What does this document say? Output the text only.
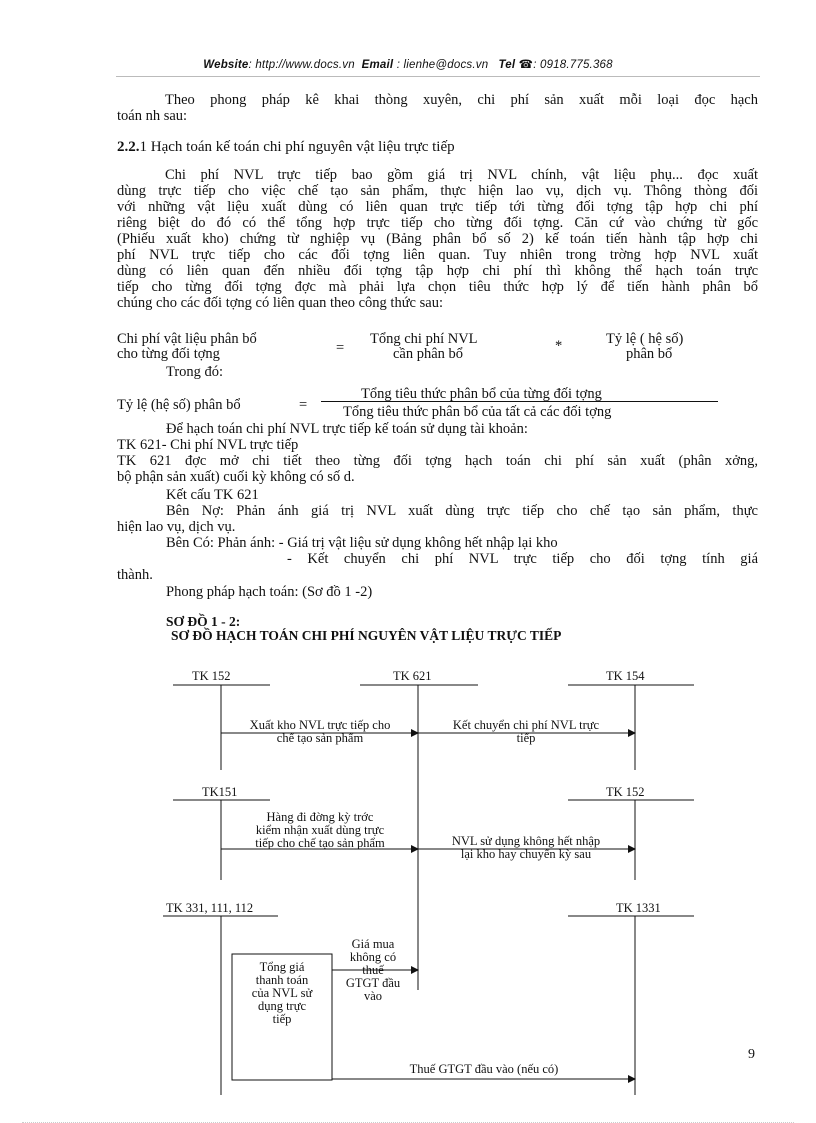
Website: http://www.docs.vn Email : lienhe@docs.vn Tel ☎: 0918.775.368
Theo phong pháp kê khai thòng xuyên, chi phí sản xuất mỗi loại đọc hạch
toán nh sau:
2.2.1 Hạch toán kế toán chi phí nguyên vật liệu trực tiếp
Chi phí NVL trực tiếp bao gồm giá trị NVL chính, vật liệu phụ... đọc xuất
dùng trực tiếp cho việc chế tạo sản phẩm, thực hiện lao vụ, dịch vụ. Thông thòng đối
với những vật liệu xuất dùng có liên quan trực tiếp tới từng đối tợng tập hợp chi phí
riêng biệt do đó có thể tổng hợp trực tiếp cho từng đối tợng. Căn cứ vào chứng từ gốc
(Phiếu xuất kho) chứng từ nghiệp vụ (Bảng phân bổ số 2) kế toán tiến hành tập hợp chi
phí NVL trực tiếp cho các đối tợng liên quan. Tuy nhiên trong trờng hợp NVL xuất
dùng có liên quan đến nhiều đối tợng tập hợp chi phí thì không thể hạch toán trực
tiếp cho từng đối tợng đợc mà phải lựa chọn tiêu thức hợp lý để tiến hành phân bổ
chúng cho các đối tợng có liên quan theo công thức sau:
Chi phí vật liệu phân bổ
cho từng đối tợng	=
Tổng chi phí NVL
cần phân bổ	*	Tỷ lệ ( hệ số)
phân bổ
Trong đó:
Tỷ lệ (hệ số) phân bổ	=
Tổng tiêu thức phân bổ của từng đối tợng
Tổng tiêu thức phân bổ của tất cả các đối tợng
Để hạch toán chi phí NVL trực tiếp kế toán sử dụng tài khoản:
TK 621- Chi phí NVL trực tiếp
TK 621 đợc mở chi tiết theo từng đối tợng hạch toán chi phí sản xuất (phân xởng,
bộ phận sản xuất) cuối kỳ không có số d.
Kết cấu TK 621
Bên Nợ: Phản ánh giá trị NVL xuất dùng trực tiếp cho chế tạo sản phẩm, thực
hiện lao vụ, dịch vụ.
Bên Có: Phản ánh: - Giá trị vật liệu sử dụng không hết nhập lại kho
- Kết chuyển chi phí NVL trực tiếp cho đối tợng tính giá
thành.
Phong pháp hạch toán: (Sơ đồ 1 -2)
SƠ ĐỒ 1 - 2:
SƠ ĐỒ HẠCH TOÁN CHI PHÍ NGUYÊN VẬT LIỆU TRỰC TIẾP
TK 152	TK 621	TK 154
TK151	TK 152
TK 331, 111, 112	TK 1331
Xuất kho NVL trực tiếp cho
chế tạo sản phẩm
Kết chuyển chi phí NVL trực
tiếp
Hàng đi đờng kỳ trớc
kiểm nhận xuất dùng trực
tiếp cho chế tạo sản phẩm	NVL sử dụng không hết nhập
lại kho hay chuyển kỳ sau
Tổng giá
thanh toán
của NVL sử
dụng trực
tiếp
Giá mua
không có
thuế
GTGT đầu
vào
Thuế GTGT đầu vào (nếu có)
9
